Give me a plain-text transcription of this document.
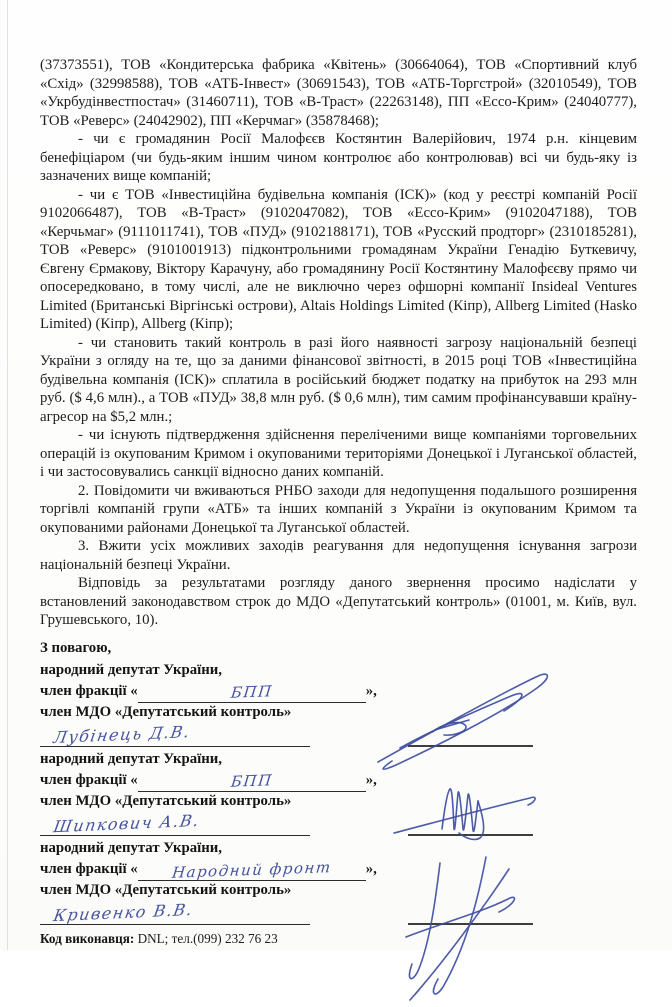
(37373551), ТОВ «Кондитерська фабрика «Квітень» (30664064), ТОВ «Спортивний клуб «Схід» (32998588), ТОВ «АТБ-Інвест» (30691543), ТОВ «АТБ-Торгстрой» (32010549), ТОВ «Укрбудінвестпостач» (31460711), ТОВ «В-Траст» (22263148), ПП «Ессо-Крим» (24040777), ТОВ «Реверс» (24042902), ПП «Керчмаг» (35878468);

- чи є громадянин Росії Малофєєв Костянтин Валерійович, 1974 р.н. кінцевим бенефіціаром (чи будь-яким іншим чином контролює або контролював) всі чи будь-яку із зазначених вище компаній;

- чи є ТОВ «Інвестиційна будівельна компанія (ІСК)» (код у реєстрі компаній Росії 9102066487), ТОВ «В-Траст» (9102047082), ТОВ «Ессо-Крим» (9102047188), ТОВ «Керчьмаг» (9111011741), ТОВ «ПУД» (9102188171), ТОВ «Русский продторг» (2310185281), ТОВ «Реверс» (9101001913) підконтрольними громадянам України Генадію Буткевичу, Євгену Єрмакову, Віктору Карачуну, або громадянину Росії Костянтину Малофєєву прямо чи опосередковано, в тому числі, але не виключно через офшорні компанії Insideal Ventures Limited (Британські Віргінські острови), Altais Holdings Limited (Кіпр), Allberg Limited (Hasko Limited) (Кіпр), Allberg (Кіпр);

- чи становить такий контроль в разі його наявності загрозу національній безпеці України з огляду на те, що за даними фінансової звітності, в 2015 році ТОВ «Інвестиційна будівельна компанія (ІСК)» сплатила в російський бюджет податку на прибуток на 293 млн руб. ($ 4,6 млн)., а ТОВ «ПУД» 38,8 млн руб. ($ 0,6 млн), тим самим профінансувавши країну-агресор на $5,2 млн.;

- чи існують підтвердження здійснення переліченими вище компаніями торговельних операцій із окупованим Кримом і окупованими територіями Донецької і Луганської областей, і чи застосовувались санкції відносно даних компаній.

2. Повідомити чи вживаються РНБО заходи для недопущення подальшого розширення торгівлі компаній групи «АТБ» та інших компаній з України із окупованим Кримом та окупованими районами Донецької та Луганської областей.

3. Вжити усіх можливих заходів реагування для недопущення існування загрози національній безпеці України.

Відповідь за результатами розгляду даного звернення просимо надіслати у встановлений законодавством строк до МДО «Депутатський контроль» (01001, м. Київ, вул. Грушевського, 10).

З повагою,
народний депутат України,
член фракції «	БПП	»,
член МДО «Депутатський контроль»
Лубінець Д.В.
народний депутат України,
член фракції «	БПП	»,
член МДО «Депутатський контроль»
Шипкович А.В.
народний депутат України,
член фракції « Народний фронт »,
член МДО «Депутатський контроль»
Кривенко В.В.
Код виконавця: DNL; тел.(099) 232 76 23
